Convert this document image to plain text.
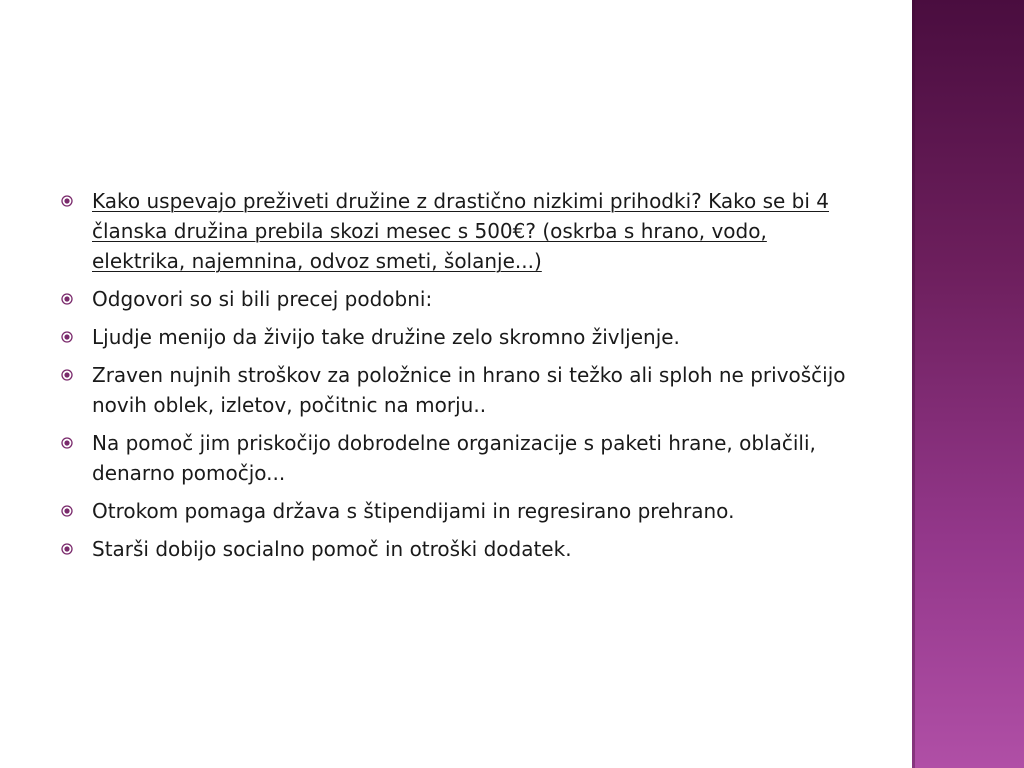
Kako uspevajo preživeti družine z drastično nizkimi prihodki? Kako se bi 4 članska družina prebila skozi mesec s 500€? (oskrba s hrano, vodo, elektrika, najemnina, odvoz smeti, šolanje...)
Odgovori so si bili precej podobni:
Ljudje menijo da živijo take družine zelo skromno življenje.
Zraven nujnih stroškov za položnice in hrano si težko ali sploh ne privoščijo novih oblek, izletov, počitnic na morju..
Na pomoč jim priskočijo dobrodelne organizacije s paketi hrane, oblačili, denarno pomočjo...
Otrokom pomaga država s štipendijami in regresirano prehrano.
Starši dobijo socialno pomoč in otroški dodatek.
